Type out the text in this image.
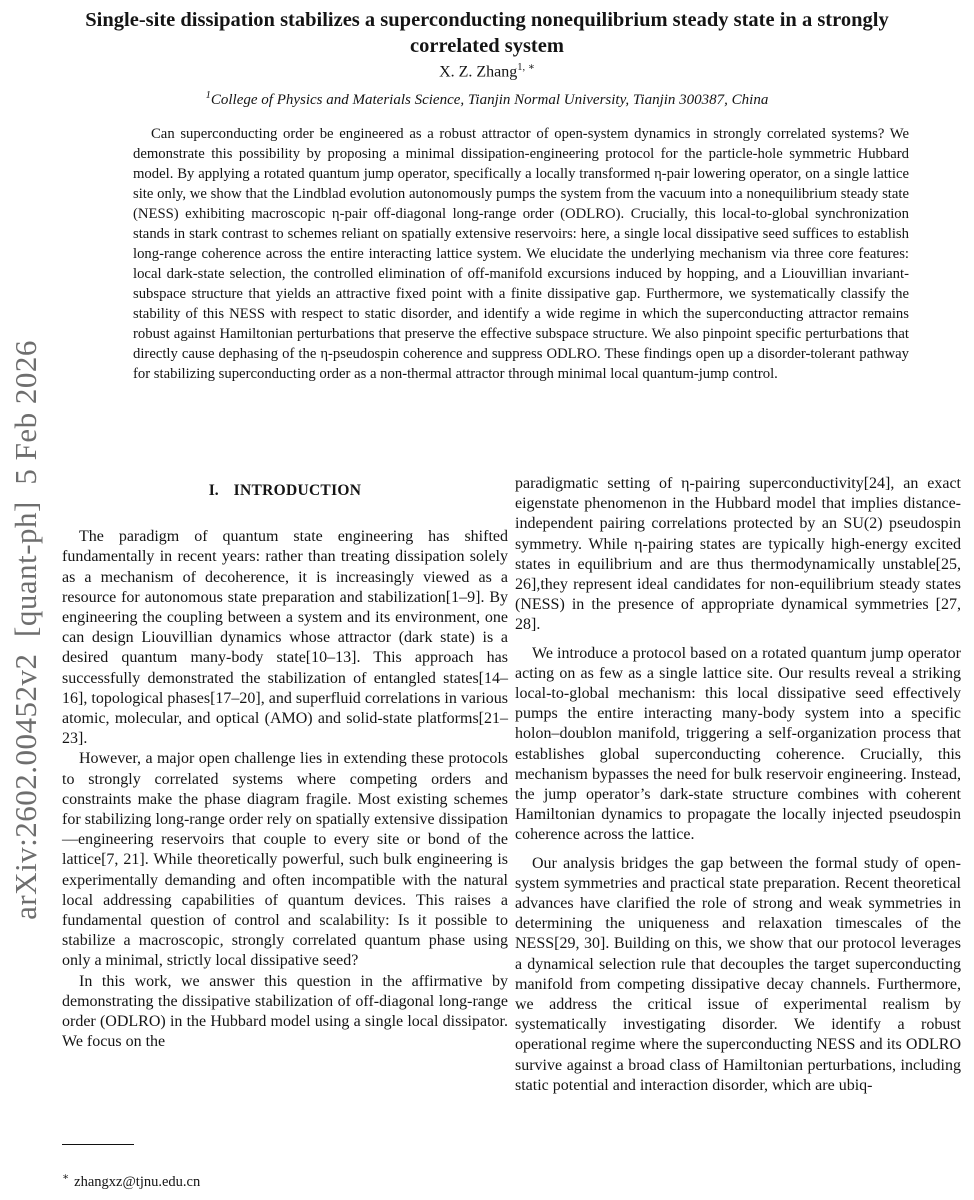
arXiv:2602.00452v2  [quant-ph]  5 Feb 2026
Single-site dissipation stabilizes a superconducting nonequilibrium steady state in a strongly correlated system
X. Z. Zhang$^{1, ∗}$
$^1$College of Physics and Materials Science, Tianjin Normal University, Tianjin 300387, China

Can superconducting order be engineered as a robust attractor of open-system dynamics in strongly correlated systems? We demonstrate this possibility by proposing a minimal dissipation-engineering protocol for the particle-hole symmetric Hubbard model. By applying a rotated quantum jump operator, specifically a locally transformed η-pair lowering operator, on a single lattice site only, we show that the Lindblad evolution autonomously pumps the system from the vacuum into a nonequilibrium steady state (NESS) exhibiting macroscopic η-pair off-diagonal long-range order (ODLRO). Crucially, this local-to-global synchronization stands in stark contrast to schemes reliant on spatially extensive reservoirs: here, a single local dissipative seed suffices to establish long-range coherence across the entire interacting lattice system. We elucidate the underlying mechanism via three core features: local dark-state selection, the controlled elimination of off-manifold excursions induced by hopping, and a Liouvillian invariant-subspace structure that yields an attractive fixed point with a finite dissipative gap. Furthermore, we systematically classify the stability of this NESS with respect to static disorder, and identify a wide regime in which the superconducting attractor remains robust against Hamiltonian perturbations that preserve the effective subspace structure. We also pinpoint specific perturbations that directly cause dephasing of the η-pseudospin coherence and suppress ODLRO. These findings open up a disorder-tolerant pathway for stabilizing superconducting order as a non-thermal attractor through minimal local quantum-jump control.

I. INTRODUCTION

The paradigm of quantum state engineering has shifted fundamentally in recent years: rather than treating dissipation solely as a mechanism of decoherence, it is increasingly viewed as a resource for autonomous state preparation and stabilization[1–9]. By engineering the coupling between a system and its environment, one can design Liouvillian dynamics whose attractor (dark state) is a desired quantum many-body state[10–13]. This approach has successfully demonstrated the stabilization of entangled states[14–16], topological phases[17–20], and superfluid correlations in various atomic, molecular, and optical (AMO) and solid-state platforms[21–23].

However, a major open challenge lies in extending these protocols to strongly correlated systems where competing orders and constraints make the phase diagram fragile. Most existing schemes for stabilizing long-range order rely on spatially extensive dissipation—engineering reservoirs that couple to every site or bond of the lattice[7, 21]. While theoretically powerful, such bulk engineering is experimentally demanding and often incompatible with the natural local addressing capabilities of quantum devices. This raises a fundamental question of control and scalability: Is it possible to stabilize a macroscopic, strongly correlated quantum phase using only a minimal, strictly local dissipative seed?

In this work, we answer this question in the affirmative by demonstrating the dissipative stabilization of off-diagonal long-range order (ODLRO) in the Hubbard model using a single local dissipator. We focus on the

paradigmatic setting of η-pairing superconductivity[24], an exact eigenstate phenomenon in the Hubbard model that implies distance-independent pairing correlations protected by an SU(2) pseudospin symmetry. While η-pairing states are typically high-energy excited states in equilibrium and are thus thermodynamically unstable[25, 26],they represent ideal candidates for non-equilibrium steady states (NESS) in the presence of appropriate dynamical symmetries [27, 28].

We introduce a protocol based on a rotated quantum jump operator acting on as few as a single lattice site. Our results reveal a striking local-to-global mechanism: this local dissipative seed effectively pumps the entire interacting many-body system into a specific holon–doublon manifold, triggering a self-organization process that establishes global superconducting coherence. Crucially, this mechanism bypasses the need for bulk reservoir engineering. Instead, the jump operator’s dark-state structure combines with coherent Hamiltonian dynamics to propagate the locally injected pseudospin coherence across the lattice.

Our analysis bridges the gap between the formal study of open-system symmetries and practical state preparation. Recent theoretical advances have clarified the role of strong and weak symmetries in determining the uniqueness and relaxation timescales of the NESS[29, 30]. Building on this, we show that our protocol leverages a dynamical selection rule that decouples the target superconducting manifold from competing dissipative decay channels. Furthermore, we address the critical issue of experimental realism by systematically investigating disorder. We identify a robust operational regime where the superconducting NESS and its ODLRO survive against a broad class of Hamiltonian perturbations, including static potential and interaction disorder, which are ubiq-

∗ zhangxz@tjnu.edu.cn
